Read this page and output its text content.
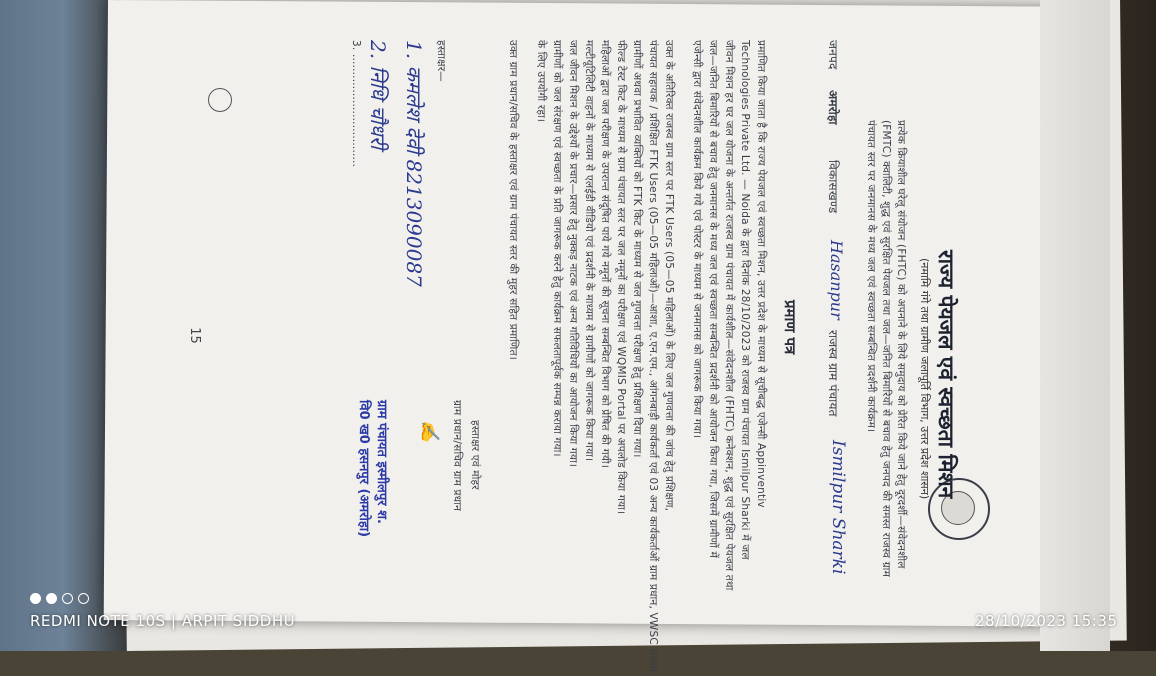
राज्य पेयजल एवं स्वच्छता मिशन
(नमामि गंगे तथा ग्रामीण जलापूर्ति विभाग, उत्तर प्रदेश शासन)
प्रत्येक क्रियाशील घरेलू संयोजन (FHTC) को अपनाने के लिये समुदाय को प्रेरित किये जाने हेतु दूरदर्शी—संवेदनशील (FMTC) क्वालिटी, शुद्ध एवं सुरक्षित पेयजल तथा जल—जनित बिमारियों से बचाव हेतु जनपद की समस्त राजस्व ग्राम पंचायत स्तर पर जनमानस के मध्य जल एवं स्वच्छता सम्बन्धित प्रदर्शनी कार्यक्रम।
जनपद
अमरोहा
विकासखण्ड
Hasanpur
राजस्व ग्राम पंचायत
Ismilpur Sharki
प्रमाण पत्र
प्रमाणित किया जाता है कि राज्य पेयजल एवं स्वच्छता मिशन, उत्तर प्रदेश के माध्यम से सूचीबद्ध एजेन्सी Appinventiv
Technologies Private Ltd. — Noida के द्वारा दिनांक 28/10/2023 को राजस्व ग्राम पंचायत Ismilpur Sharki में जल
जीवन मिशन हर घर जल योजना के अन्तर्गत राजस्व ग्राम पंचायत में कार्यशील—संवेदनशील (FHTC) कनेक्शन, शुद्ध एवं सुरक्षित पेयजल तथा
जल—जनित बिमारियों से बचाव हेतु जनमानस के मध्य जल एवं स्वच्छता सम्बन्धित प्रदर्शनी को आयोजन किया गया, जिसमें ग्रामीणों में
एजेन्सी द्वारा संवेदनशील कार्यक्रम किये गये एवं पोस्टर के माध्यम से जनमानस को जागरूक किया गया।
उक्त के अतिरिक्त राजस्व ग्राम स्तर पर FTK Users (05—05 महिलाओं) के लिए जल गुणवत्ता की जांच हेतु प्रशिक्षण,
पंचायत सहायक / प्रशिक्षित FTK Users (05—05 महिलाओं)—आशा, ए.एन.एम., आंगनबाड़ी कार्यकर्ता एवं 03 अन्य कार्यकर्ताओं ग्राम प्रधान, VWSC सदस्य,
ग्रामीणों अथवा प्रभावित व्यक्तियों को FTK किट के माध्यम से जल गुणवत्ता परीक्षण हेतु प्रशिक्षण दिया गया।
फील्ड टेस्ट किट के माध्यम से ग्राम पंचायत स्तर पर जल नमूनों का परीक्षण एवं WQMIS Portal पर अपलोड किया गया।
महिलाओं द्वारा जल परीक्षण के उपरान्त संदूषित पाये गये नमूनों की सूचना सम्बन्धित विभाग को प्रेषित की गयी।
मल्टीयूटिलिटी वाहनों के माध्यम से एलईडी वीडियो एवं प्रदर्शनी के माध्यम से ग्रामीणों को जागरूक किया गया।
जल जीवन मिशन के उद्देश्यों के प्रचार—प्रसार हेतु नुक्कड़ नाटक एवं अन्य गतिविधियों का आयोजन किया गया।
ग्रामीणों को जल संरक्षण एवं स्वच्छता के प्रति जागरूक करने हेतु कार्यक्रम सफलतापूर्वक सम्पन्न कराया गया।
के लिए उपयोगी रहा।
उक्त ग्राम प्रधान/सचिव के हस्ताक्षर एवं ग्राम पंचायत स्तर की मुहर सहित प्रमाणित।
हस्ताक्षर एवं मोहर
ग्राम प्रधान/सचिव ग्राम प्रधान
✍
ग्राम पंचायत इस्मीलपुर श.
वि0 ख0 हसनपुर (अमरोहा)
हस्ताक्षर—
1. कमलेश देवी 8213090087
2. निधि चौधरी
3. ................................
15
REDMI NOTE 10S | ARPIT SIDDHU	28/10/2023 15:35
